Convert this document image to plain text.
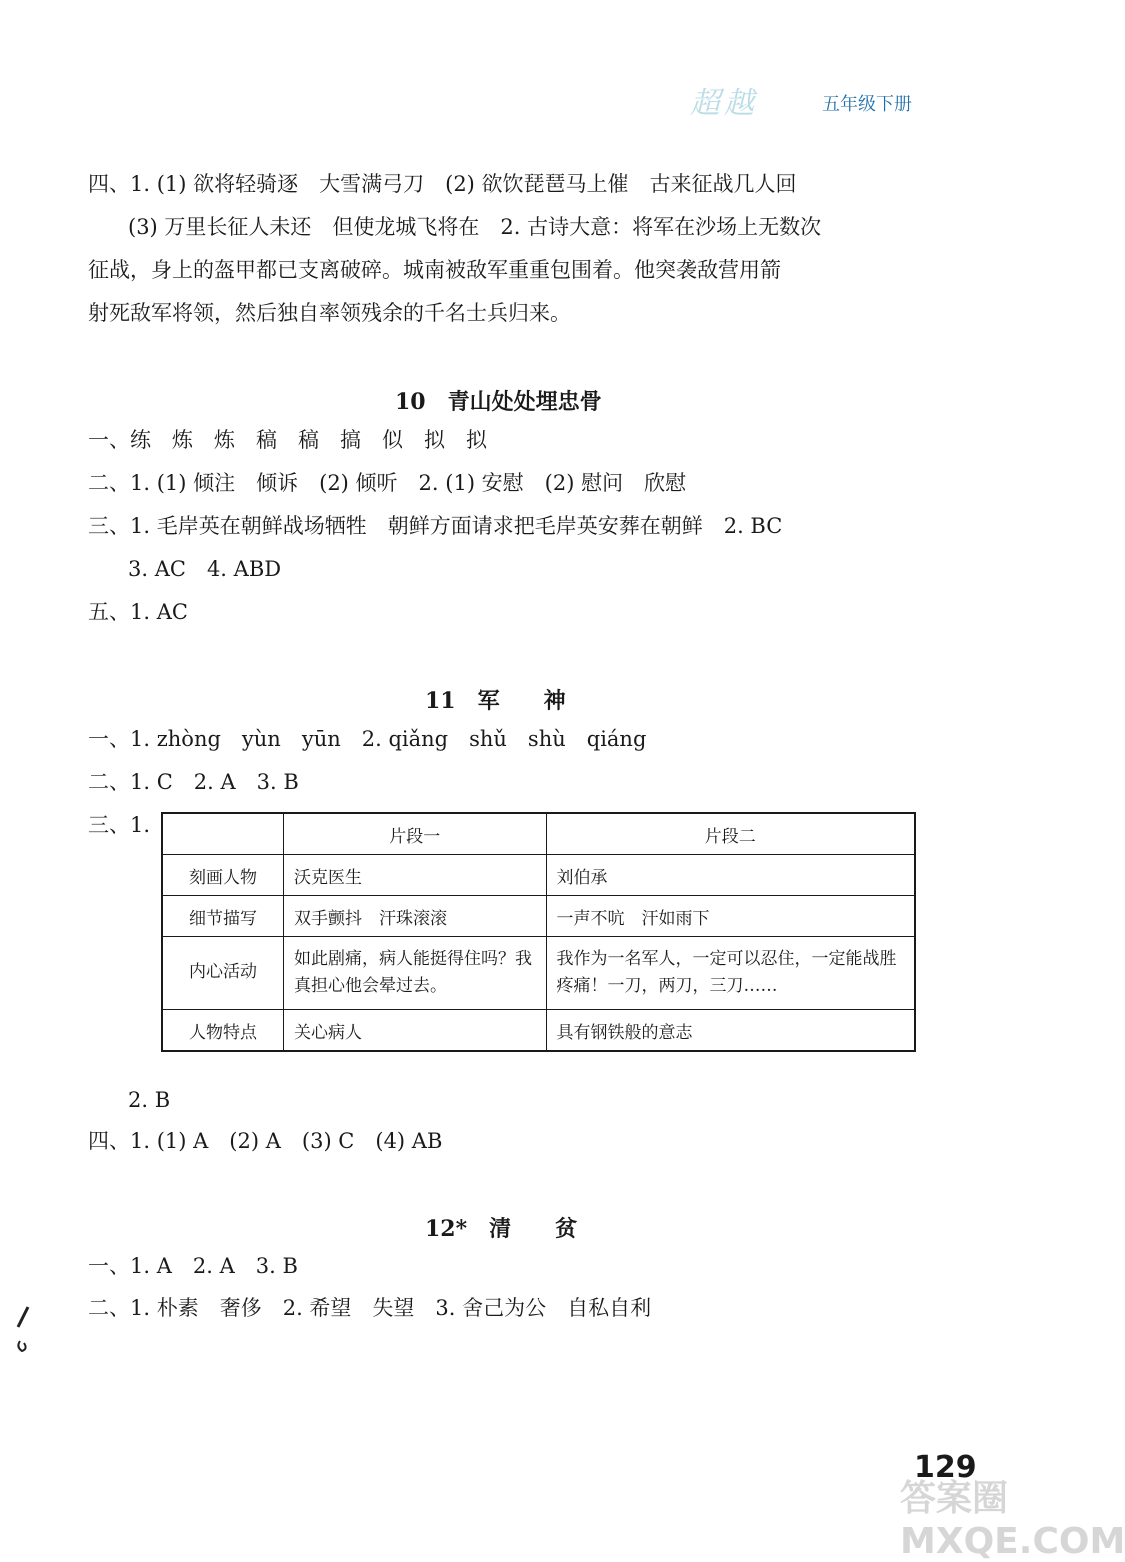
超越	五年级下册
四、1. (1) 欲将轻骑逐　大雪满弓刀　(2) 欲饮琵琶马上催　古来征战几人回
(3) 万里长征人未还　但使龙城飞将在　2. 古诗大意：将军在沙场上无数次
征战，身上的盔甲都已支离破碎。城南被敌军重重包围着。他突袭敌营用箭
射死敌军将领，然后独自率领残余的千名士兵归来。
10　青山处处埋忠骨
一、练　炼　炼　稿　稿　搞　似　拟　拟
二、1. (1) 倾注　倾诉　(2) 倾听　2. (1) 安慰　(2) 慰问　欣慰
三、1. 毛岸英在朝鲜战场牺牲　朝鲜方面请求把毛岸英安葬在朝鲜　2. BC
3. AC　4. ABD
五、1. AC
11　军　　神
一、1. zhòng　yùn　yūn　2. qiǎng　shǔ　shù　qiáng
二、1. C　2. A　3. B
三、1.
		片段一	片段二
刻画人物	沃克医生	刘伯承
细节描写	双手颤抖　汗珠滚滚	一声不吭　汗如雨下
内心活动	如此剧痛，病人能挺得住吗？我真担心他会晕过去。	我作为一名军人，一定可以忍住，一定能战胜疼痛！一刀，两刀，三刀……
人物特点	关心病人	具有钢铁般的意志
2. B
四、1. (1) A　(2) A　(3) C　(4) AB
12*　清　　贫
一、1. A　2. A　3. B
二、1. 朴素　奢侈　2. 希望　失望　3. 舍己为公　自私自利
答案圈 MXQE.COM
129
